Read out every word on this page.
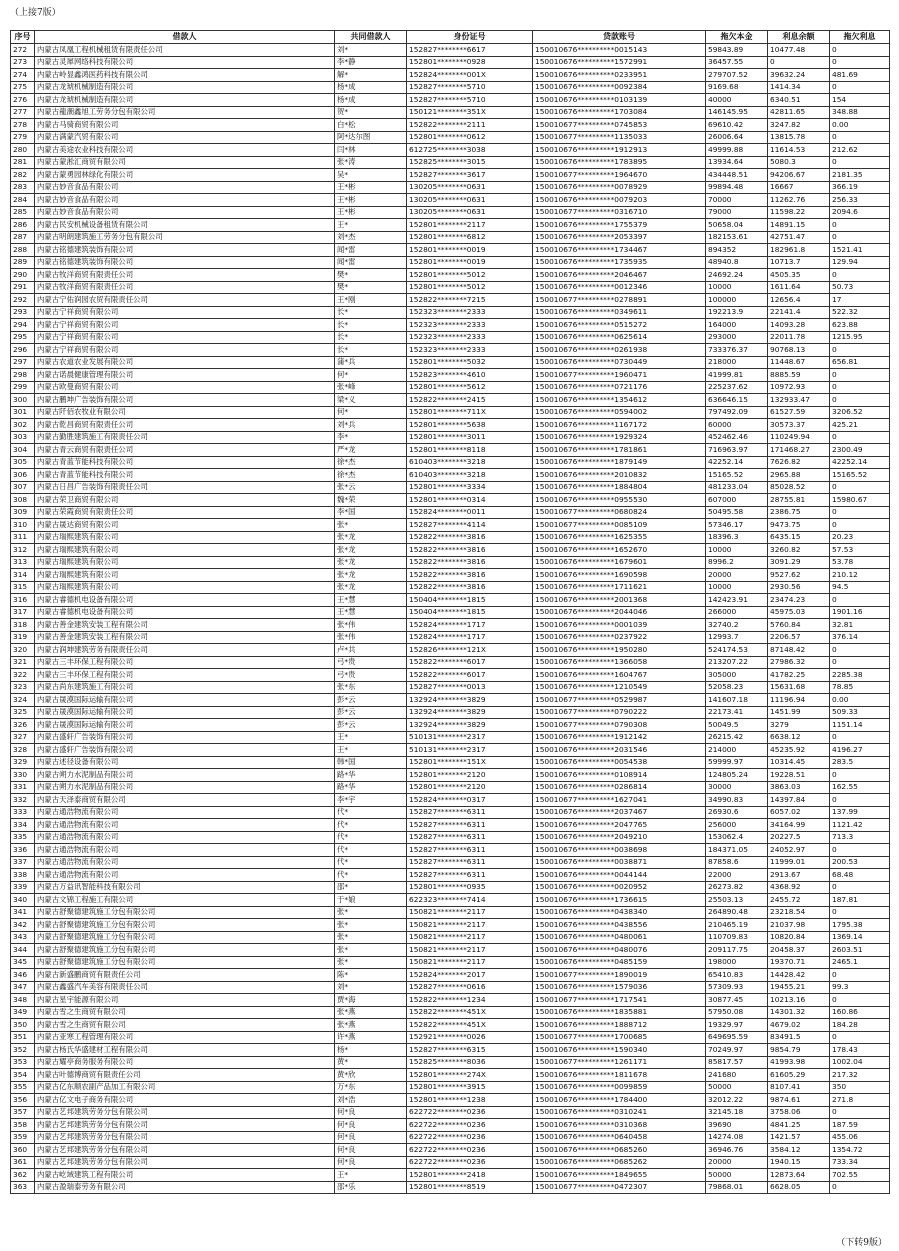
（上接7版）
序号	借款人	共同借款人	身份证号	贷款账号	拖欠本金	利息余额	拖欠利息
272	内蒙古凤凰工程机械租赁有限责任公司	刘*	152827********6617	150010676**********0015143	59843.89	10477.48	0
273	内蒙古灵犀网络科技有限公司	李*静	152801********0928	150010676**********1572991	36457.55	0	0
274	内蒙古岭显鑫鸿医药科技有限公司	解*	152824********001X	150010676**********0233951	279707.52	39632.24	481.69
275	内蒙古龙琥机械制造有限公司	杨*成	152827********5710	150010676**********0092384	9169.68	1414.34	0
276	内蒙古龙琥机械制造有限公司	杨*成	152827********5710	150010676**********0103139	40000	6340.51	154
277	内蒙古龍潮鑫旭工劳务分包有限公司	贺*	150121********351X	150010676**********1703084	146145.95	42811.65	348.88
278	内蒙古马骑商贸有限公司	白*松	152822********2111	150010677**********0745853	69610.42	3247.82	0.00
279	内蒙古满蒙汽贸有限公司	阿*达尔图	152801********0612	150010677**********1135033	26006.64	13815.78	0
280	内蒙古美途农业科技有限公司	闫*林	612725********3038	150010676**********1912913	49999.88	11614.53	212.62
281	内蒙古蒙淞汇商贸有限公司	张*涛	152825********3015	150010676**********1783895	13934.64	5080.3	0
282	内蒙古蒙勇园林绿化有限公司	吴*	152827********3617	150010677**********1964670	434448.51	94206.67	2181.35
283	内蒙古妙音食品有限公司	王*彬	130205********0631	150010676**********0078929	99894.48	16667	366.19
284	内蒙古妙音食品有限公司	王*彬	130205********0631	150010676**********0079203	70000	11262.76	256.33
285	内蒙古妙音食品有限公司	王*彬	130205********0631	150010677**********0316710	79000	11598.22	2094.6
286	内蒙古民安机械设备租赁有限公司	王*	152801********2117	150010676**********1755379	50658.04	14891.15	0
287	内蒙古明朗建筑施工劳务分包有限公司	刘*杰	152801********6812	150010676**********2053397	182153.61	42751.47	0
288	内蒙古铭德建筑装饰有限公司	闻*雷	152801********0019	150010676**********1734467	894352	182961.8	1521.41
289	内蒙古铭德建筑装饰有限公司	闻*雷	152801********0019	150010676**********1735935	48940.8	10713.7	129.94
290	内蒙古牧洋商贸有限责任公司	樊*	152801********5012	150010676**********2046467	24692.24	4505.35	0
291	内蒙古牧洋商贸有限责任公司	樊*	152801********5012	150010676**********0012346	10000	1611.64	50.73
292	内蒙古宁佑润园农贸有限责任公司	王*刚	152822********7215	150010677**********0278891	100000	12656.4	17
293	内蒙古宁祥商贸有限公司	长*	152323********2333	150010676**********0349611	192213.9	22141.4	522.32
294	内蒙古宁祥商贸有限公司	长*	152323********2333	150010676**********0515272	164000	14093.28	623.88
295	内蒙古宁祥商贸有限公司	长*	152323********2333	150010676**********0625614	293000	22011.78	1215.95
296	内蒙古宁祥商贸有限公司	长*	152323********2333	150010676**********0261938	733376.37	90768.13	0
297	内蒙古农道农业发展有限公司	蒲*兵	152801********5032	150010676**********0730449	218000	11448.67	656.81
298	内蒙古诺晨健康管理有限公司	何*	152823********4610	150010677**********1960471	41999.81	8885.59	0
299	内蒙古欧曼商贸有限公司	张*峰	152801********5612	150010676**********0721176	225237.62	10972.93	0
300	内蒙古鹏坤广告装饰有限公司	梁*义	152822********2415	150010676**********1354612	636646.15	132933.47	0
301	内蒙古阡佰农牧业有限公司	何*	152801********711X	150010676**********0594002	797492.09	61527.59	3206.52
302	内蒙古乾昌商贸有限责任公司	刘*兵	152801********5638	150010676**********1167172	60000	30573.37	425.21
303	内蒙古勤胜建筑施工有限责任公司	李*	152801********3011	150010676**********1929324	452462.46	110249.94	0
304	内蒙古青云商贸有限责任公司	严*龙	152801********8118	150010676**********1781861	716963.97	171468.27	2300.49
305	内蒙古青蓝节能科技有限公司	徐*杰	610403********3218	150010676**********1879149	42252.14	7626.82	42252.14
306	内蒙古青蓝节能科技有限公司	徐*杰	610403********3218	150010676**********2010832	15165.52	2965.88	15165.52
307	内蒙古日昌广告装饰有限责任公司	张*云	152801********3334	150010676**********1884804	481233.04	85028.52	0
308	内蒙古荣卫商贸有限公司	魏*荣	152801********0314	150010676**********0955530	607000	28755.81	15980.67
309	内蒙古荣霞商贸有限责任公司	李*国	152824********0011	150010677**********0680824	50495.58	2386.75	0
310	内蒙古晟达商贸有限公司	张*	152827********4114	150010677**********0085109	57346.17	9473.75	0
311	内蒙古瑞熙建筑有限公司	张*龙	152822********3816	150010676**********1625355	18396.3	6435.15	20.23
312	内蒙古瑞熙建筑有限公司	张*龙	152822********3816	150010676**********1652670	10000	3260.82	57.53
313	内蒙古瑞熙建筑有限公司	张*龙	152822********3816	150010676**********1679601	8996.2	3091.29	53.78
314	内蒙古瑞熙建筑有限公司	张*龙	152822********3816	150010676**********1690598	20000	9527.62	210.12
315	内蒙古瑞熙建筑有限公司	张*龙	152822********3816	150010676**********1711621	10000	2930.56	94.5
316	内蒙古睿德机电设备有限公司	王*慧	150404********1815	150010676**********2001368	142423.91	23474.23	0
317	内蒙古睿德机电设备有限公司	王*慧	150404********1815	150010676**********2044046	266000	45975.03	1901.16
318	内蒙古善金建筑安装工程有限公司	张*伟	152824********1717	150010676**********0001039	32740.2	5760.84	32.81
319	内蒙古善金建筑安装工程有限公司	张*伟	152824********1717	150010676**********0237922	12993.7	2206.57	376.14
320	内蒙古润坤建筑劳务有限责任公司	卢*共	152826********121X	150010676**********1950280	524174.53	87148.42	0
321	内蒙古三丰环保工程有限公司	弓*贵	152822********6017	150010676**********1366058	213207.22	27986.32	0
322	内蒙古三丰环保工程有限公司	弓*贵	152822********6017	150010676**********1604767	305000	41782.25	2285.38
323	内蒙古尚东建筑施工有限公司	张*东	152827********0013	150010676**********1210549	52058.23	15631.68	78.85
324	内蒙古晟漠国际运输有限公司	彭*云	132924********3829	150010677**********0529987	141607.18	11196.94	0.00
325	内蒙古晟漠国际运输有限公司	彭*云	132924********3829	150010677**********0790222	22173.41	1451.99	509.33
326	内蒙古晟漠国际运输有限公司	彭*云	132924********3829	150010677**********0790308	50049.5	3279	1151.14
327	内蒙古盛轩广告装饰有限公司	王*	510131********2317	150010676**********1912142	26215.42	6638.12	0
328	内蒙古盛轩广告装饰有限公司	王*	510131********2317	150010676**********2031546	214000	45235.92	4196.27
329	内蒙古述径设备有限公司	韩*国	152801********151X	150010676**********0054538	59999.97	10314.45	283.5
330	内蒙古朔力水泥制品有限公司	路*华	152801********2120	150010676**********0108914	124805.24	19228.51	0
331	内蒙古朔力水泥制品有限公司	路*华	152801********2120	150010676**********0286814	30000	3863.03	162.55
332	内蒙古天泽泰商贸有限公司	李*宇	152824********0317	150010677**********1627041	34990.83	14397.84	0
333	内蒙古通浩物流有限公司	代*	152827********6311	150010676**********2037467	26930.6	6057.02	137.99
334	内蒙古通浩物流有限公司	代*	152827********6311	150010676**********2047765	256000	34164.99	1121.42
335	内蒙古通浩物流有限公司	代*	152827********6311	150010676**********2049210	153062.4	20227.5	713.3
336	内蒙古通浩物流有限公司	代*	152827********6311	150010676**********0038698	184371.05	24052.97	0
337	内蒙古通浩物流有限公司	代*	152827********6311	150010676**********0038871	87858.6	11999.01	200.53
338	内蒙古通浩物流有限公司	代*	152827********6311	150010676**********0044144	22000	2913.67	68.48
339	内蒙古万益讯智能科技有限公司	邵*	152801********0935	150010676**********0020952	26273.82	4368.92	0
340	内蒙古文锦工程施工有限公司	于*娘	622323********7414	150010676**********1736615	25503.13	2455.72	187.81
341	内蒙古舒聚德建筑施工分包有限公司	张*	150821********2117	150010676**********0438340	264890.48	23218.54	0
342	内蒙古舒聚德建筑施工分包有限公司	张*	150821********2117	150010676**********0438556	210465.19	21037.98	1795.38
343	内蒙古舒聚德建筑施工分包有限公司	张*	150821********2117	150010676**********0480061	110709.83	10820.84	1369.14
344	内蒙古舒聚德建筑施工分包有限公司	张*	150821********2117	150010676**********0480076	209117.75	20458.37	2603.51
345	内蒙古舒聚德建筑施工分包有限公司	张*	150821********2117	150010676**********0485159	198000	19370.71	2465.1
346	内蒙古新盛鹏商贸有限责任公司	陈*	152824********2017	150010677**********1890019	65410.83	14428.42	0
347	内蒙古鑫盛汽车美容有限责任公司	刘*	152827********0616	150010676**********1579036	57309.93	19455.21	99.3
348	内蒙古星宇能源有限公司	贾*海	152822********1234	150010677**********1717541	30877.45	10213.16	0
349	内蒙古雪之生商贸有限公司	张*燕	152822********451X	150010676**********1835881	57950.08	14301.32	160.86
350	内蒙古雪之生商贸有限公司	张*燕	152822********451X	150010676**********1888712	19329.97	4679.02	184.28
351	内蒙古亚寒工程管理有限公司	许*燕	152921********0026	150010677**********1700685	649695.59	83491.5	0
352	内蒙古杨氏华盛建材工程有限公司	杨*	152827********6315	150010676**********1590340	70249.97	9854.79	178.43
353	内蒙古耀亭商务服务有限公司	黄*	152825********8036	150010677**********1261171	85817.57	41993.98	1002.04
354	内蒙古叶德博商贸有限责任公司	黄*欣	152801********274X	150010676**********1811678	241680	61605.29	217.32
355	内蒙古亿东顺农副产品加工有限公司	万*东	152801********3915	150010676**********0099859	50000	8107.41	350
356	内蒙古亿文电子商务有限公司	刘*浩	152801********1238	150010676**********1784400	32012.22	9874.61	271.8
357	内蒙古艺邦建筑劳务分包有限公司	何*良	622722********0236	150010676**********0310241	32145.18	3758.06	0
358	内蒙古艺邦建筑劳务分包有限公司	何*良	622722********0236	150010676**********0310368	39690	4841.25	187.59
359	内蒙古艺邦建筑劳务分包有限公司	何*良	622722********0236	150010676**********0640458	14274.08	1421.57	455.06
360	内蒙古艺邦建筑劳务分包有限公司	何*良	622722********0236	150010676**********0685260	36946.76	3584.12	1354.72
361	内蒙古艺邦建筑劳务分包有限公司	何*良	622722********0236	150010676**********0685262	20000	1940.15	733.34
362	内蒙古屹域建筑工程有限公司	王*	152801********2418	150010676**********1849655	50000	12873.64	702.55
363	内蒙古盈瑞泰劳务有限公司	邵*乐	152801********8519	150010677**********0472307	79868.01	6628.05	0
（下转9版）
